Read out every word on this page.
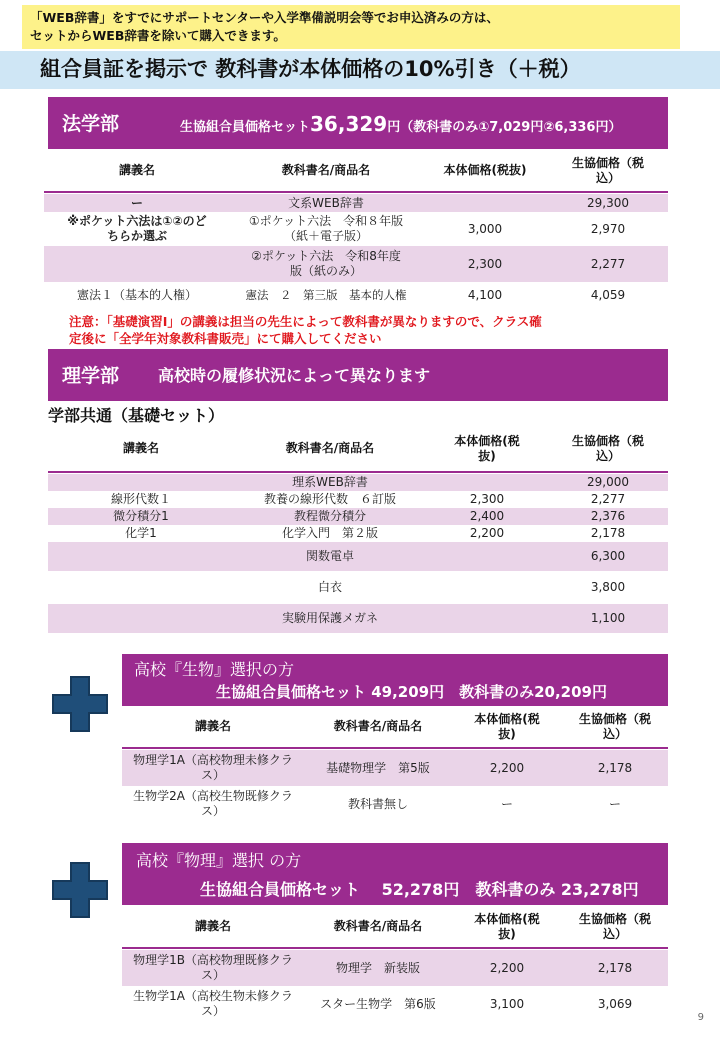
「WEB辞書」をすでにサポートセンターや入学準備説明会等でお申込済みの方は、
セットからWEB辞書を除いて購入できます。
組合員証を掲示で 教科書が本体価格の10%引き（＋税）
法学部	生協組合員価格セット36,329円（教科書のみ①7,029円②6,336円）
講義名	教科書名/商品名	本体価格(税抜)	生協価格（税込）

ー	文系WEB辞書		29,300
※ポケット六法は①②のどちらか選ぶ	①ポケット六法　令和８年版（紙＋電子版）	3,000	2,970
	②ポケット六法　令和8年度版（紙のみ）	2,300	2,277
憲法１（基本的人権）	憲法　２　第三版　基本的人権	4,100	4,059
注意：「基礎演習Ⅰ」の講義は担当の先生によって教科書が異なりますので、クラス確
定後に「全学年対象教科書販売」にて購入してください
理学部 高校時の履修状況によって異なります
学部共通（基礎セット）
講義名	教科書名/商品名	本体価格(税抜)	生協価格（税込）

	理系WEB辞書		29,000
線形代数１	教養の線形代数　６訂版	2,300	2,277
微分積分1	教程微分積分	2,400	2,376
化学1	化学入門　第２版	2,200	2,178
	関数電卓		6,300

	白衣		3,800

	実験用保護メガネ		1,100
高校『生物』選択の方
生協組合員価格セット 49,209円　教科書のみ20,209円
講義名	教科書名/商品名	本体価格(税抜)	生協価格（税込）

物理学1A（高校物理未修クラス）	基礎物理学　第5版	2,200	2,178
生物学2A（高校生物既修クラス）	教科書無し	ー	ー
高校『物理』選択 の方
生協組合員価格セット　 52,278円　教科書のみ 23,278円
講義名	教科書名/商品名	本体価格(税抜)	生協価格（税込）

物理学1B（高校物理既修クラス）	物理学　新装版	2,200	2,178
生物学1A（高校生物未修クラス）	スター生物学　第6版	3,100	3,069
9
